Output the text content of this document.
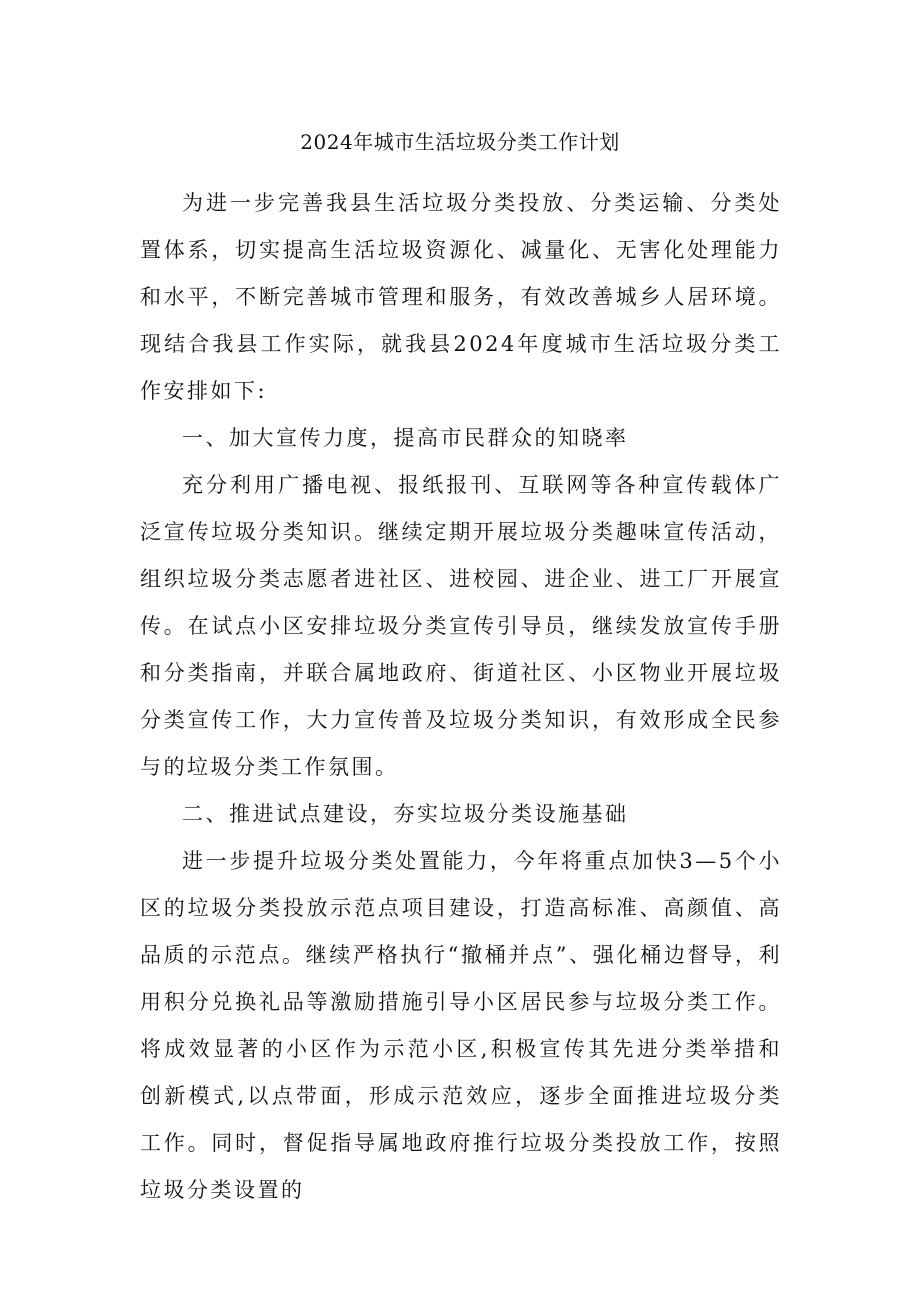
2024年城市生活垃圾分类工作计划

为进一步完善我县生活垃圾分类投放、分类运输、分类处置体系，切实提高生活垃圾资源化、减量化、无害化处理能力和水平，不断完善城市管理和服务，有效改善城乡人居环境。现结合我县工作实际，就我县2024年度城市生活垃圾分类工作安排如下:

一、加大宣传力度，提高市民群众的知晓率

充分利用广播电视、报纸报刊、互联网等各种宣传载体广泛宣传垃圾分类知识。继续定期开展垃圾分类趣味宣传活动，组织垃圾分类志愿者进社区、进校园、进企业、进工厂开展宣传。在试点小区安排垃圾分类宣传引导员，继续发放宣传手册和分类指南，并联合属地政府、街道社区、小区物业开展垃圾分类宣传工作，大力宣传普及垃圾分类知识，有效形成全民参与的垃圾分类工作氛围。

二、推进试点建设，夯实垃圾分类设施基础

进一步提升垃圾分类处置能力，今年将重点加快3—5个小区的垃圾分类投放示范点项目建设，打造高标准、高颜值、高品质的示范点。继续严格执行“撤桶并点”、强化桶边督导，利用积分兑换礼品等激励措施引导小区居民参与垃圾分类工作。将成效显著的小区作为示范小区,积极宣传其先进分类举措和创新模式,以点带面，形成示范效应，逐步全面推进垃圾分类工作。同时，督促指导属地政府推行垃圾分类投放工作，按照垃圾分类设置的
